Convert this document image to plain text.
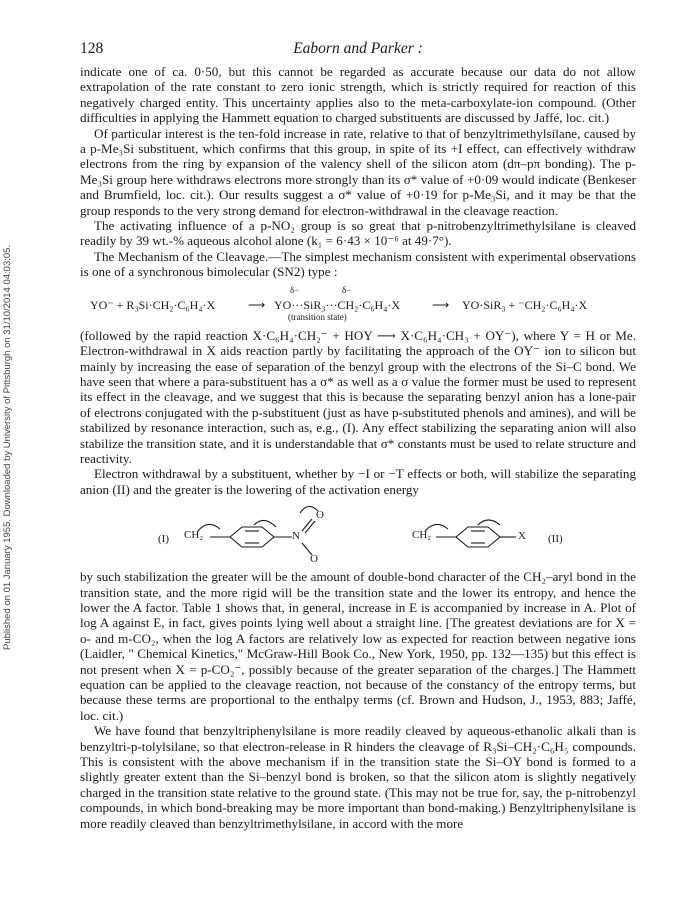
Published on 01 January 1955. Downloaded by University of Pittsburgh on 31/10/2014 04:03:05.
128	Eaborn and Parker :

indicate one of ca. 0·50, but this cannot be regarded as accurate because our data do not allow extrapolation of the rate constant to zero ionic strength, which is strictly required for reaction of this negatively charged entity. This uncertainty applies also to the meta-carboxylate-ion compound. (Other difficulties in applying the Hammett equation to charged substituents are discussed by Jaffé, loc. cit.)

Of particular interest is the ten-fold increase in rate, relative to that of benzyltrimethylsilane, caused by a p-Me₃Si substituent, which confirms that this group, in spite of its +I effect, can effectively withdraw electrons from the ring by expansion of the valency shell of the silicon atom (dπ–pπ bonding). The p-Me₃Si group here withdraws electrons more strongly than its σ* value of +0·09 would indicate (Benkeser and Brumfield, loc. cit.). Our results suggest a σ* value of +0·19 for p-Me₃Si, and it may be that the group responds to the very strong demand for electron-withdrawal in the cleavage reaction.

The activating influence of a p-NO₂ group is so great that p-nitrobenzyltrimethylsilane is cleaved readily by 39 wt.-% aqueous alcohol alone (k₁ = 6·43 × 10⁻⁶ at 49·7°).

The Mechanism of the Cleavage.—The simplest mechanism consistent with experimental observations is one of a synchronous bimolecular (SN2) type :

YO⁻ + R₃Si·CH₂·C₆H₄·X	⟶
δ−	δ−
YO···SiR₃···CH₂·C₆H₄·X
(transition state)
⟶ YO·SiR₃ + ⁻CH₂·C₆H₄·X

(followed by the rapid reaction X·C₆H₄·CH₂⁻ + HOY ⟶ X·C₆H₄·CH₃ + OY⁻), where Y = H or Me. Electron-withdrawal in X aids reaction partly by facilitating the approach of the OY⁻ ion to silicon but mainly by increasing the ease of separation of the benzyl group with the electrons of the Si–C bond. We have seen that where a para-substituent has a σ* as well as a σ value the former must be used to represent its effect in the cleavage, and we suggest that this is because the separating benzyl anion has a lone-pair of electrons conjugated with the p-substituent (just as have p-substituted phenols and amines), and will be stabilized by resonance interaction, such as, e.g., (I). Any effect stabilizing the separating anion will also stabilize the transition state, and it is understandable that σ* constants must be used to relate structure and reactivity.

Electron withdrawal by a substituent, whether by −I or −T effects or both, will stabilize the separating anion (II) and the greater is the lowering of the activation energy

(I) CH₂	N
O
O
CH₂	X (II)

by such stabilization the greater will be the amount of double-bond character of the CH₂–aryl bond in the transition state, and the more rigid will be the transition state and the lower its entropy, and hence the lower the A factor. Table 1 shows that, in general, increase in E is accompanied by increase in A. Plot of log A against E, in fact, gives points lying well about a straight line. [The greatest deviations are for X = o- and m-CO₂, when the log A factors are relatively low as expected for reaction between negative ions (Laidler, " Chemical Kinetics," McGraw-Hill Book Co., New York, 1950, pp. 132—135) but this effect is not present when X = p-CO₂⁻, possibly because of the greater separation of the charges.] The Hammett equation can be applied to the cleavage reaction, not because of the constancy of the entropy terms, but because these terms are proportional to the enthalpy terms (cf. Brown and Hudson, J., 1953, 883; Jaffé, loc. cit.)

We have found that benzyltriphenylsilane is more readily cleaved by aqueous-ethanolic alkali than is benzyltri-p-tolylsilane, so that electron-release in R hinders the cleavage of R₃Si–CH₂·C₆H₅ compounds. This is consistent with the above mechanism if in the transition state the Si–OY bond is formed to a slightly greater extent than the Si–benzyl bond is broken, so that the silicon atom is slightly negatively charged in the transition state relative to the ground state. (This may not be true for, say, the p-nitrobenzyl compounds, in which bond-breaking may be more important than bond-making.) Benzyltriphenylsilane is more readily cleaved than benzyltrimethylsilane, in accord with the more
